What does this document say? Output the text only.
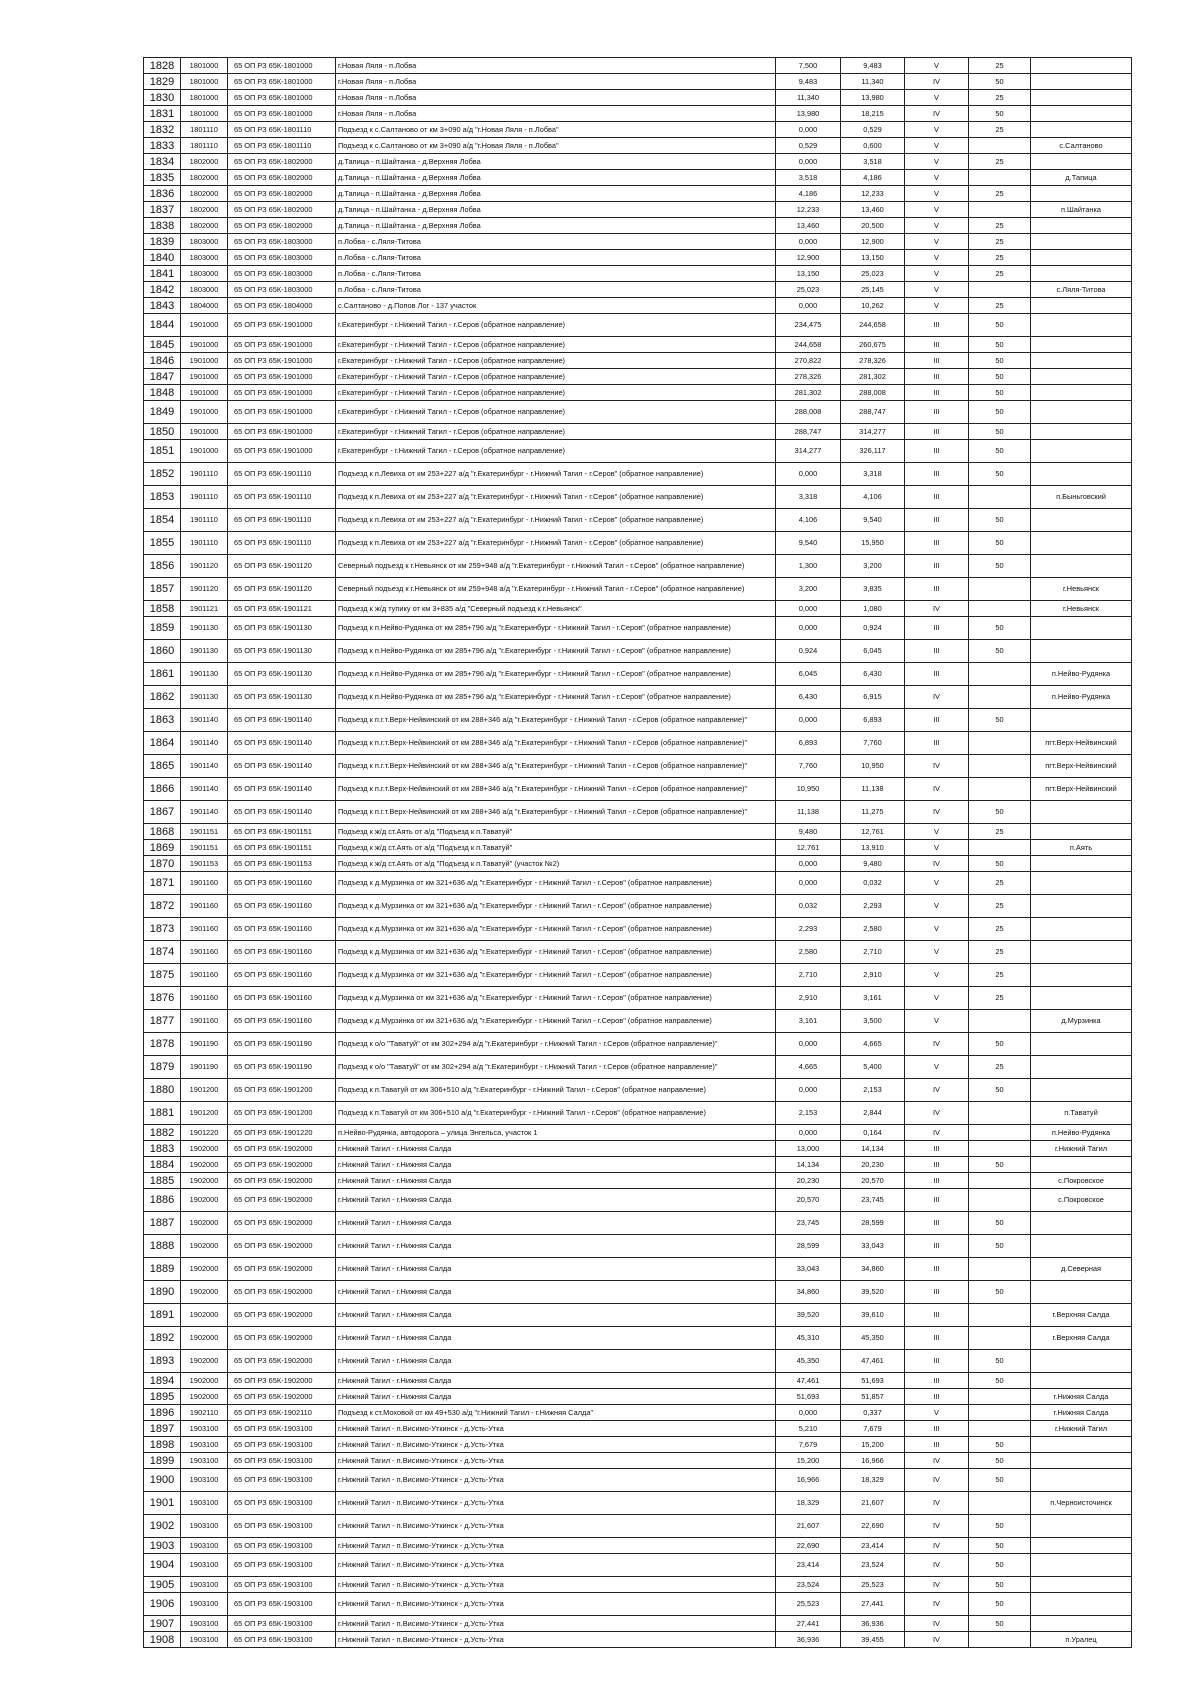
1828	1801000	65 ОП РЗ 65К-1801000	г.Новая Ляля - п.Лобва	7,500	9,483	V	25	
1829	1801000	65 ОП РЗ 65К-1801000	г.Новая Ляля - п.Лобва	9,483	11,340	IV	50	
1830	1801000	65 ОП РЗ 65К-1801000	г.Новая Ляля - п.Лобва	11,340	13,980	V	25	
1831	1801000	65 ОП РЗ 65К-1801000	г.Новая Ляля - п.Лобва	13,980	18,215	IV	50	
1832	1801110	65 ОП РЗ 65К-1801110	Подъезд к с.Салтаново от км 3+090 а/д "г.Новая Ляля - п.Лобва"	0,000	0,529	V	25	
1833	1801110	65 ОП РЗ 65К-1801110	Подъезд к с.Салтаново от км 3+090 а/д "г.Новая Ляля - п.Лобва"	0,529	0,600	V		с.Салтаново
1834	1802000	65 ОП РЗ 65К-1802000	д.Тапица - п.Шайтанка - д.Верхняя Лобва	0,000	3,518	V	25	
1835	1802000	65 ОП РЗ 65К-1802000	д.Тапица - п.Шайтанка - д.Верхняя Лобва	3,518	4,186	V		д.Тапица
1836	1802000	65 ОП РЗ 65К-1802000	д.Тапица - п.Шайтанка - д.Верхняя Лобва	4,186	12,233	V	25	
1837	1802000	65 ОП РЗ 65К-1802000	д.Тапица - п.Шайтанка - д.Верхняя Лобва	12,233	13,460	V		п.Шайтанка
1838	1802000	65 ОП РЗ 65К-1802000	д.Тапица - п.Шайтанка - д.Верхняя Лобва	13,460	20,500	V	25	
1839	1803000	65 ОП РЗ 65К-1803000	п.Лобва - с.Ляля-Титова	0,000	12,900	V	25	
1840	1803000	65 ОП РЗ 65К-1803000	п.Лобва - с.Ляля-Титова	12,900	13,150	V	25	
1841	1803000	65 ОП РЗ 65К-1803000	п.Лобва - с.Ляля-Титова	13,150	25,023	V	25	
1842	1803000	65 ОП РЗ 65К-1803000	п.Лобва - с.Ляля-Титова	25,023	25,145	V		с.Ляля-Титова
1843	1804000	65 ОП РЗ 65К-1804000	с.Салтаново - д.Попов Лог - 137 участок	0,000	10,262	V	25	
1844	1901000	65 ОП РЗ 65К-1901000	г.Екатеринбург - г.Нижний Тагил - г.Серов (обратное направление)	234,475	244,658	III	50	
1845	1901000	65 ОП РЗ 65К-1901000	г.Екатеринбург - г.Нижний Тагил - г.Серов (обратное направление)	244,658	260,675	III	50	
1846	1901000	65 ОП РЗ 65К-1901000	г.Екатеринбург - г.Нижний Тагил - г.Серов (обратное направление)	270,822	278,326	III	50	
1847	1901000	65 ОП РЗ 65К-1901000	г.Екатеринбург - г.Нижний Тагил - г.Серов (обратное направление)	278,326	281,302	III	50	
1848	1901000	65 ОП РЗ 65К-1901000	г.Екатеринбург - г.Нижний Тагил - г.Серов (обратное направление)	281,302	288,008	III	50	
1849	1901000	65 ОП РЗ 65К-1901000	г.Екатеринбург - г.Нижний Тагил - г.Серов (обратное направление)	288,008	288,747	III	50	
1850	1901000	65 ОП РЗ 65К-1901000	г.Екатеринбург - г.Нижний Тагил - г.Серов (обратное направление)	288,747	314,277	III	50	
1851	1901000	65 ОП РЗ 65К-1901000	г.Екатеринбург - г.Нижний Тагил - г.Серов (обратное направление)	314,277	326,117	III	50	
1852	1901110	65 ОП РЗ 65К-1901110	Подъезд к п.Левиха от км 253+227 а/д "г.Екатеринбург - г.Нижний Тагил - г.Серов" (обратное направление)	0,000	3,318	III	50	
1853	1901110	65 ОП РЗ 65К-1901110	Подъезд к п.Левиха от км 253+227 а/д "г.Екатеринбург - г.Нижний Тагил - г.Серов" (обратное направление)	3,318	4,106	III		п.Быньговский
1854	1901110	65 ОП РЗ 65К-1901110	Подъезд к п.Левиха от км 253+227 а/д "г.Екатеринбург - г.Нижний Тагил - г.Серов" (обратное направление)	4,106	9,540	III	50	
1855	1901110	65 ОП РЗ 65К-1901110	Подъезд к п.Левиха от км 253+227 а/д "г.Екатеринбург - г.Нижний Тагил - г.Серов" (обратное направление)	9,540	15,950	III	50	
1856	1901120	65 ОП РЗ 65К-1901120	Северный подъезд к г.Невьянск от км 259+948 а/д "г.Екатеринбург - г.Нижний Тагил - г.Серов" (обратное направление)	1,300	3,200	III	50	
1857	1901120	65 ОП РЗ 65К-1901120	Северный подъезд к г.Невьянск от км 259+948 а/д "г.Екатеринбург - г.Нижний Тагил - г.Серов" (обратное направление)	3,200	3,835	III		г.Невьянск
1858	1901121	65 ОП РЗ 65К-1901121	Подъезд к ж/д тупику от км 3+835 а/д "Северный подъезд к г.Невьянск"	0,000	1,080	IV		г.Невьянск
1859	1901130	65 ОП РЗ 65К-1901130	Подъезд к п.Нейво-Рудянка от км 285+796 а/д "г.Екатеринбург - г.Нижний Тагил - г.Серов" (обратное направление)	0,000	0,924	III	50	
1860	1901130	65 ОП РЗ 65К-1901130	Подъезд к п.Нейво-Рудянка от км 285+796 а/д "г.Екатеринбург - г.Нижний Тагил - г.Серов" (обратное направление)	0,924	6,045	III	50	
1861	1901130	65 ОП РЗ 65К-1901130	Подъезд к п.Нейво-Рудянка от км 285+796 а/д "г.Екатеринбург - г.Нижний Тагил - г.Серов" (обратное направление)	6,045	6,430	III		п.Нейво-Рудянка
1862	1901130	65 ОП РЗ 65К-1901130	Подъезд к п.Нейво-Рудянка от км 285+796 а/д "г.Екатеринбург - г.Нижний Тагил - г.Серов" (обратное направление)	6,430	6,915	IV		п.Нейво-Рудянка
1863	1901140	65 ОП РЗ 65К-1901140	Подъезд к п.г.т.Верх-Нейвинский от км 288+346 а/д "г.Екатеринбург - г.Нижний Тагил - г.Серов (обратное направление)"	0,000	6,893	III	50	
1864	1901140	65 ОП РЗ 65К-1901140	Подъезд к п.г.т.Верх-Нейвинский от км 288+346 а/д "г.Екатеринбург - г.Нижний Тагил - г.Серов (обратное направление)"	6,893	7,760	III		пгт.Верх-Нейвинский
1865	1901140	65 ОП РЗ 65К-1901140	Подъезд к п.г.т.Верх-Нейвинский от км 288+346 а/д "г.Екатеринбург - г.Нижний Тагил - г.Серов (обратное направление)"	7,760	10,950	IV		пгт.Верх-Нейвинский
1866	1901140	65 ОП РЗ 65К-1901140	Подъезд к п.г.т.Верх-Нейвинский от км 288+346 а/д "г.Екатеринбург - г.Нижний Тагил - г.Серов (обратное направление)"	10,950	11,138	IV		пгт.Верх-Нейвинский
1867	1901140	65 ОП РЗ 65К-1901140	Подъезд к п.г.т.Верх-Нейвинский от км 288+346 а/д "г.Екатеринбург - г.Нижний Тагил - г.Серов (обратное направление)"	11,138	11,275	IV	50	
1868	1901151	65 ОП РЗ 65К-1901151	Подъезд к ж/д ст.Аять от а/д "Подъезд к п.Таватуй"	9,480	12,761	V	25	
1869	1901151	65 ОП РЗ 65К-1901151	Подъезд к ж/д ст.Аять от а/д "Подъезд к п.Таватуй"	12,761	13,910	V		п.Аять
1870	1901153	65 ОП РЗ 65К-1901153	Подъезд к ж/д ст.Аять от а/д "Подъезд к п.Таватуй" (участок №2)	0,000	9,480	IV	50	
1871	1901160	65 ОП РЗ 65К-1901160	Подъезд к д.Мурзинка от км 321+636 а/д "г.Екатеринбург - г.Нижний Тагил - г.Серов" (обратное направление)	0,000	0,032	V	25	
1872	1901160	65 ОП РЗ 65К-1901160	Подъезд к д.Мурзинка от км 321+636 а/д "г.Екатеринбург - г.Нижний Тагил - г.Серов" (обратное направление)	0,032	2,293	V	25	
1873	1901160	65 ОП РЗ 65К-1901160	Подъезд к д.Мурзинка от км 321+636 а/д "г.Екатеринбург - г.Нижний Тагил - г.Серов" (обратное направление)	2,293	2,580	V	25	
1874	1901160	65 ОП РЗ 65К-1901160	Подъезд к д.Мурзинка от км 321+636 а/д "г.Екатеринбург - г.Нижний Тагил - г.Серов" (обратное направление)	2,580	2,710	V	25	
1875	1901160	65 ОП РЗ 65К-1901160	Подъезд к д.Мурзинка от км 321+636 а/д "г.Екатеринбург - г.Нижний Тагил - г.Серов" (обратное направление)	2,710	2,910	V	25	
1876	1901160	65 ОП РЗ 65К-1901160	Подъезд к д.Мурзинка от км 321+636 а/д "г.Екатеринбург - г.Нижний Тагил - г.Серов" (обратное направление)	2,910	3,161	V	25	
1877	1901160	65 ОП РЗ 65К-1901160	Подъезд к д.Мурзинка от км 321+636 а/д "г.Екатеринбург - г.Нижний Тагил - г.Серов" (обратное направление)	3,161	3,500	V		д.Мурзинка
1878	1901190	65 ОП РЗ 65К-1901190	Подъезд к о/о "Таватуй" от км 302+294 а/д "г.Екатеринбург - г.Нижний Тагил - г.Серов (обратное направление)"	0,000	4,665	IV	50	
1879	1901190	65 ОП РЗ 65К-1901190	Подъезд к о/о "Таватуй" от км 302+294 а/д "г.Екатеринбург - г.Нижний Тагил - г.Серов (обратное направление)"	4,665	5,400	V	25	
1880	1901200	65 ОП РЗ 65К-1901200	Подъезд к п.Таватуй от км 306+510 а/д "г.Екатеринбург - г.Нижний Тагил - г.Серов" (обратное направление)	0,000	2,153	IV	50	
1881	1901200	65 ОП РЗ 65К-1901200	Подъезд к п.Таватуй от км 306+510 а/д "г.Екатеринбург - г.Нижний Тагил - г.Серов" (обратное направление)	2,153	2,844	IV		п.Таватуй
1882	1901220	65 ОП РЗ 65К-1901220	п.Нейво-Рудянка, автодорога – улица Энгельса, участок 1	0,000	0,164	IV		п.Нейво-Рудянка
1883	1902000	65 ОП РЗ 65К-1902000	г.Нижний Тагил - г.Нижняя Салда	13,000	14,134	III		г.Нижний Тагил
1884	1902000	65 ОП РЗ 65К-1902000	г.Нижний Тагил - г.Нижняя Салда	14,134	20,230	III	50	
1885	1902000	65 ОП РЗ 65К-1902000	г.Нижний Тагил - г.Нижняя Салда	20,230	20,570	III		с.Покровское
1886	1902000	65 ОП РЗ 65К-1902000	г.Нижний Тагил - г.Нижняя Салда	20,570	23,745	III		с.Покровское
1887	1902000	65 ОП РЗ 65К-1902000	г.Нижний Тагил - г.Нижняя Салда	23,745	28,599	III	50	
1888	1902000	65 ОП РЗ 65К-1902000	г.Нижний Тагил - г.Нижняя Салда	28,599	33,043	III	50	
1889	1902000	65 ОП РЗ 65К-1902000	г.Нижний Тагил - г.Нижняя Салда	33,043	34,860	III		д.Северная
1890	1902000	65 ОП РЗ 65К-1902000	г.Нижний Тагил - г.Нижняя Салда	34,860	39,520	III	50	
1891	1902000	65 ОП РЗ 65К-1902000	г.Нижний Тагил - г.Нижняя Салда	39,520	39,610	III		г.Верхняя Салда
1892	1902000	65 ОП РЗ 65К-1902000	г.Нижний Тагил - г.Нижняя Салда	45,310	45,350	III		г.Верхняя Салда
1893	1902000	65 ОП РЗ 65К-1902000	г.Нижний Тагил - г.Нижняя Салда	45,350	47,461	III	50	
1894	1902000	65 ОП РЗ 65К-1902000	г.Нижний Тагил - г.Нижняя Салда	47,461	51,693	III	50	
1895	1902000	65 ОП РЗ 65К-1902000	г.Нижний Тагил - г.Нижняя Салда	51,693	51,857	III		г.Нижняя Салда
1896	1902110	65 ОП РЗ 65К-1902110	Подъезд к ст.Моховой от км 49+530 а/д "г.Нижний Тагил - г.Нижняя Салда"	0,000	0,337	V		г.Нижняя Салда
1897	1903100	65 ОП РЗ 65К-1903100	г.Нижний Тагил - п.Висимо-Уткинск - д.Усть-Утка	5,210	7,679	III		г.Нижний Тагил
1898	1903100	65 ОП РЗ 65К-1903100	г.Нижний Тагил - п.Висимо-Уткинск - д.Усть-Утка	7,679	15,200	III	50	
1899	1903100	65 ОП РЗ 65К-1903100	г.Нижний Тагил - п.Висимо-Уткинск - д.Усть-Утка	15,200	16,966	IV	50	
1900	1903100	65 ОП РЗ 65К-1903100	г.Нижний Тагил - п.Висимо-Уткинск - д.Усть-Утка	16,966	18,329	IV	50	
1901	1903100	65 ОП РЗ 65К-1903100	г.Нижний Тагил - п.Висимо-Уткинск - д.Усть-Утка	18,329	21,607	IV		п.Черноисточинск
1902	1903100	65 ОП РЗ 65К-1903100	г.Нижний Тагил - п.Висимо-Уткинск - д.Усть-Утка	21,607	22,690	IV	50	
1903	1903100	65 ОП РЗ 65К-1903100	г.Нижний Тагил - п.Висимо-Уткинск - д.Усть-Утка	22,690	23,414	IV	50	
1904	1903100	65 ОП РЗ 65К-1903100	г.Нижний Тагил - п.Висимо-Уткинск - д.Усть-Утка	23,414	23,524	IV	50	
1905	1903100	65 ОП РЗ 65К-1903100	г.Нижний Тагил - п.Висимо-Уткинск - д.Усть-Утка	23,524	25,523	IV	50	
1906	1903100	65 ОП РЗ 65К-1903100	г.Нижний Тагил - п.Висимо-Уткинск - д.Усть-Утка	25,523	27,441	IV	50	
1907	1903100	65 ОП РЗ 65К-1903100	г.Нижний Тагил - п.Висимо-Уткинск - д.Усть-Утка	27,441	36,936	IV	50	
1908	1903100	65 ОП РЗ 65К-1903100	г.Нижний Тагил - п.Висимо-Уткинск - д.Усть-Утка	36,936	39,455	IV		п.Уралец
